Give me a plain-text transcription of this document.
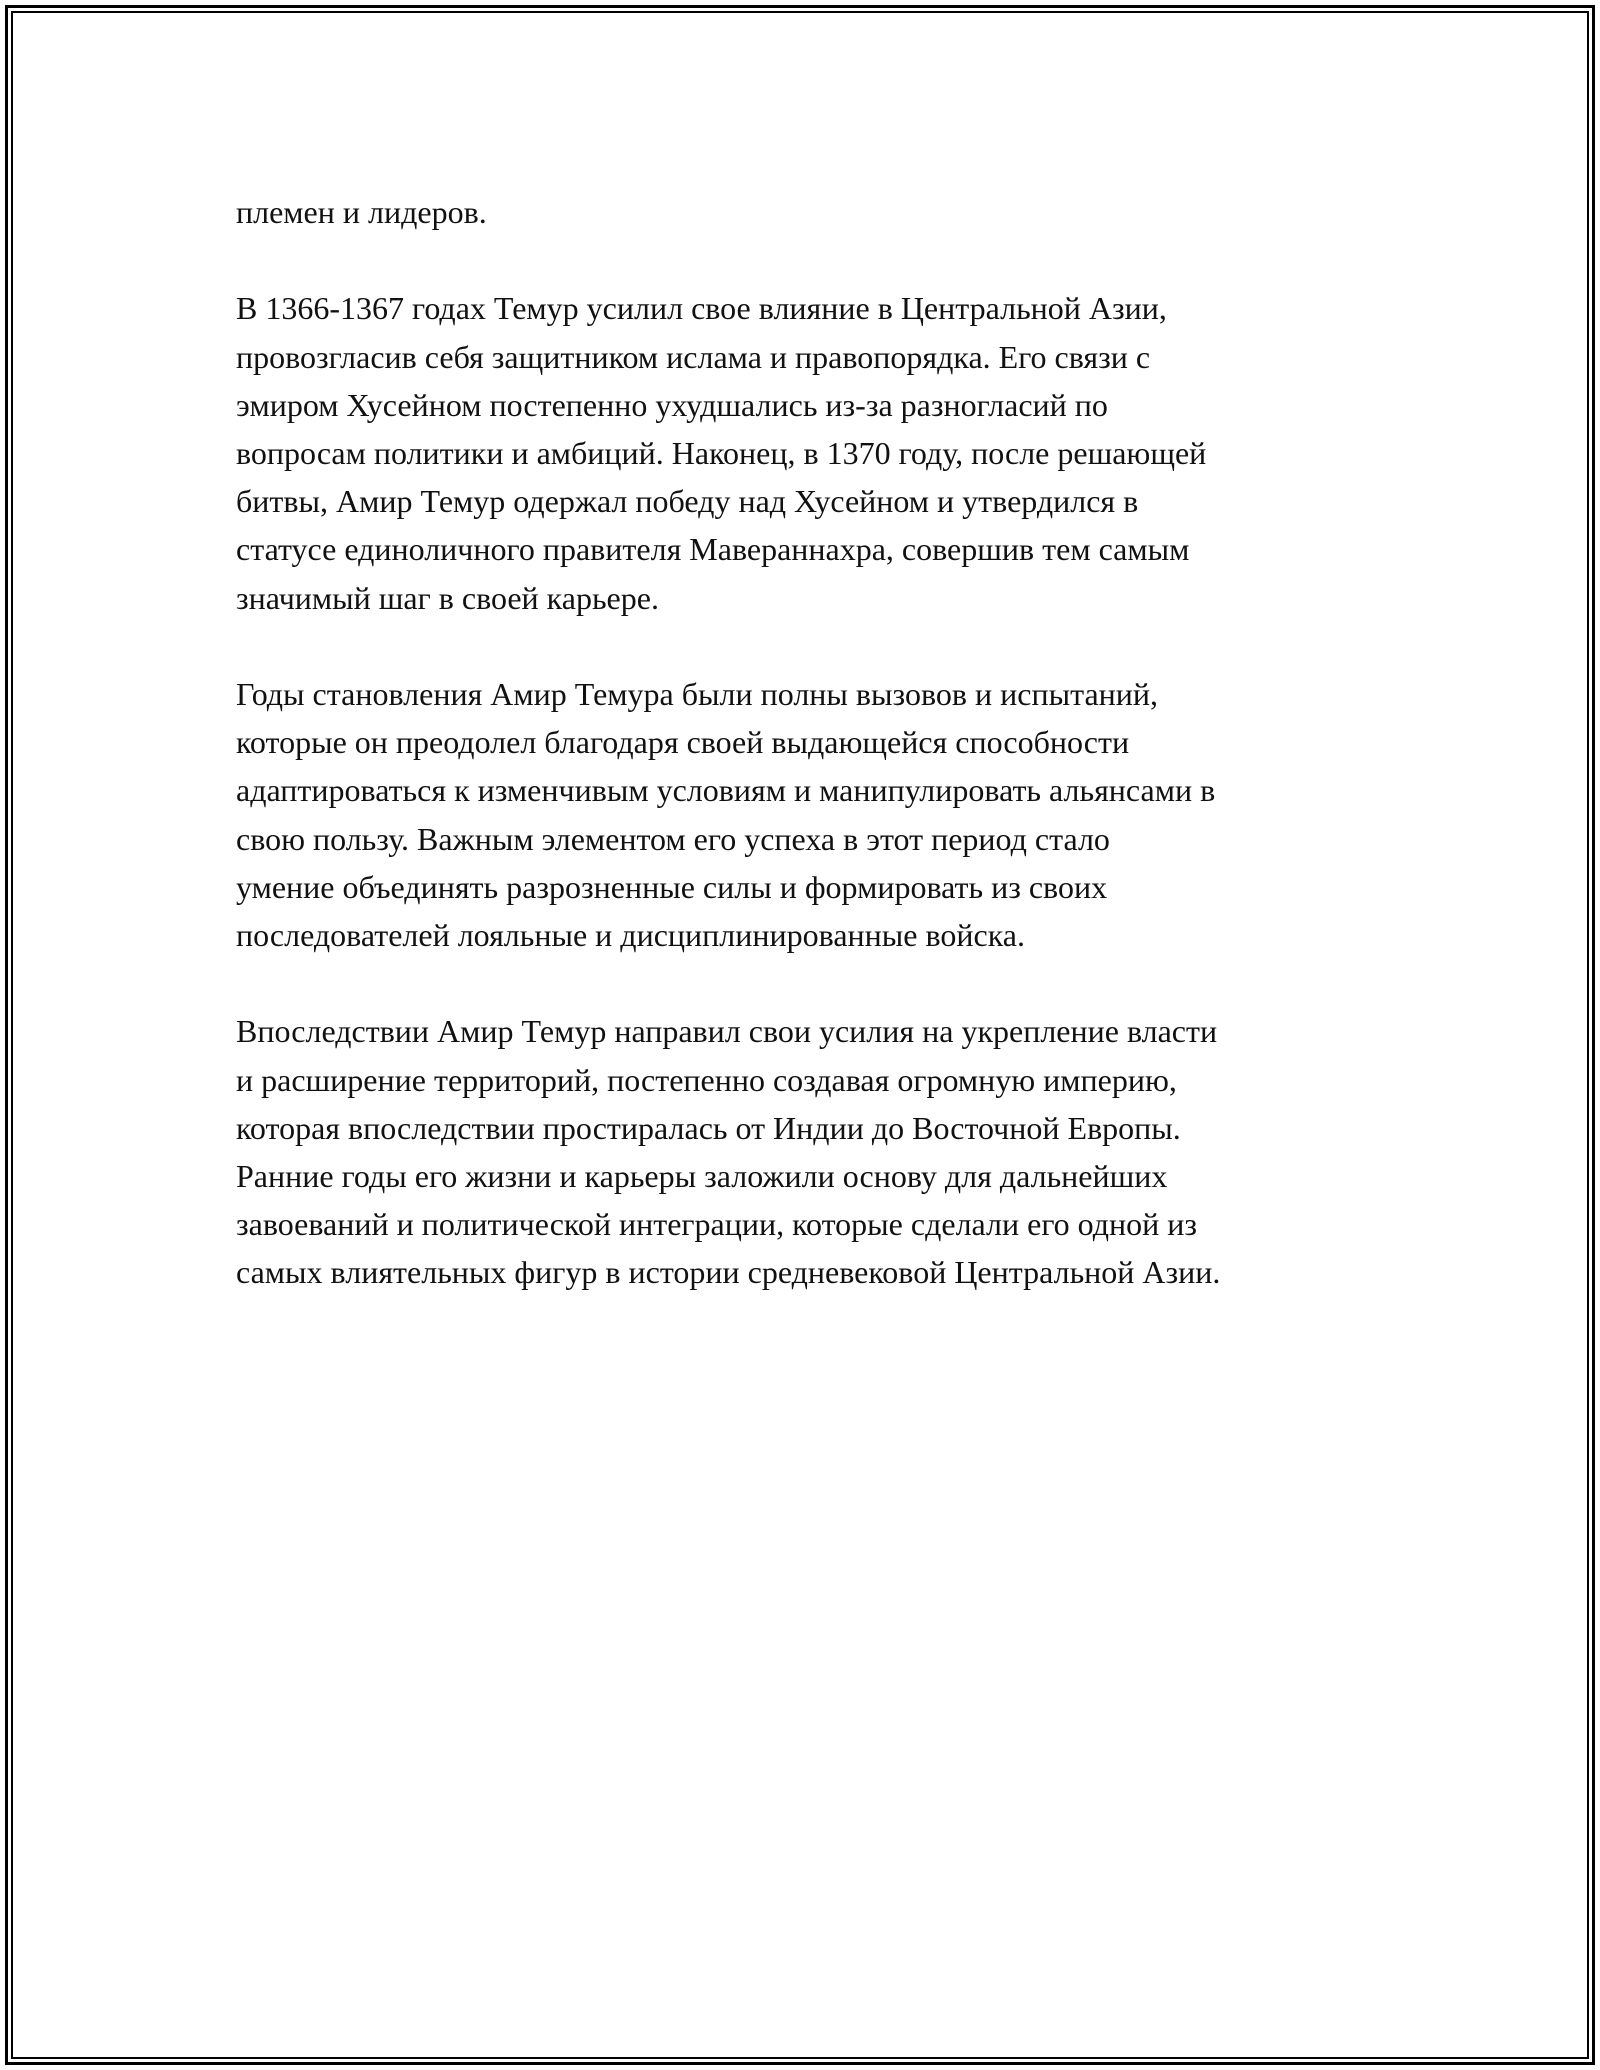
племен и лидеров.

В 1366-1367 годах Темур усилил свое влияние в Центральной Азии,
провозгласив себя защитником ислама и правопорядка. Его связи с
эмиром Хусейном постепенно ухудшались из-за разногласий по
вопросам политики и амбиций. Наконец, в 1370 году, после решающей
битвы, Амир Темур одержал победу над Хусейном и утвердился в
статусе единоличного правителя Мавераннахра, совершив тем самым
значимый шаг в своей карьере.

Годы становления Амир Темура были полны вызовов и испытаний,
которые он преодолел благодаря своей выдающейся способности
адаптироваться к изменчивым условиям и манипулировать альянсами в
свою пользу. Важным элементом его успеха в этот период стало
умение объединять разрозненные силы и формировать из своих
последователей лояльные и дисциплинированные войска.

Впоследствии Амир Темур направил свои усилия на укрепление власти
и расширение территорий, постепенно создавая огромную империю,
которая впоследствии простиралась от Индии до Восточной Европы.
Ранние годы его жизни и карьеры заложили основу для дальнейших
завоеваний и политической интеграции, которые сделали его одной из
самых влиятельных фигур в истории средневековой Центральной Азии.
